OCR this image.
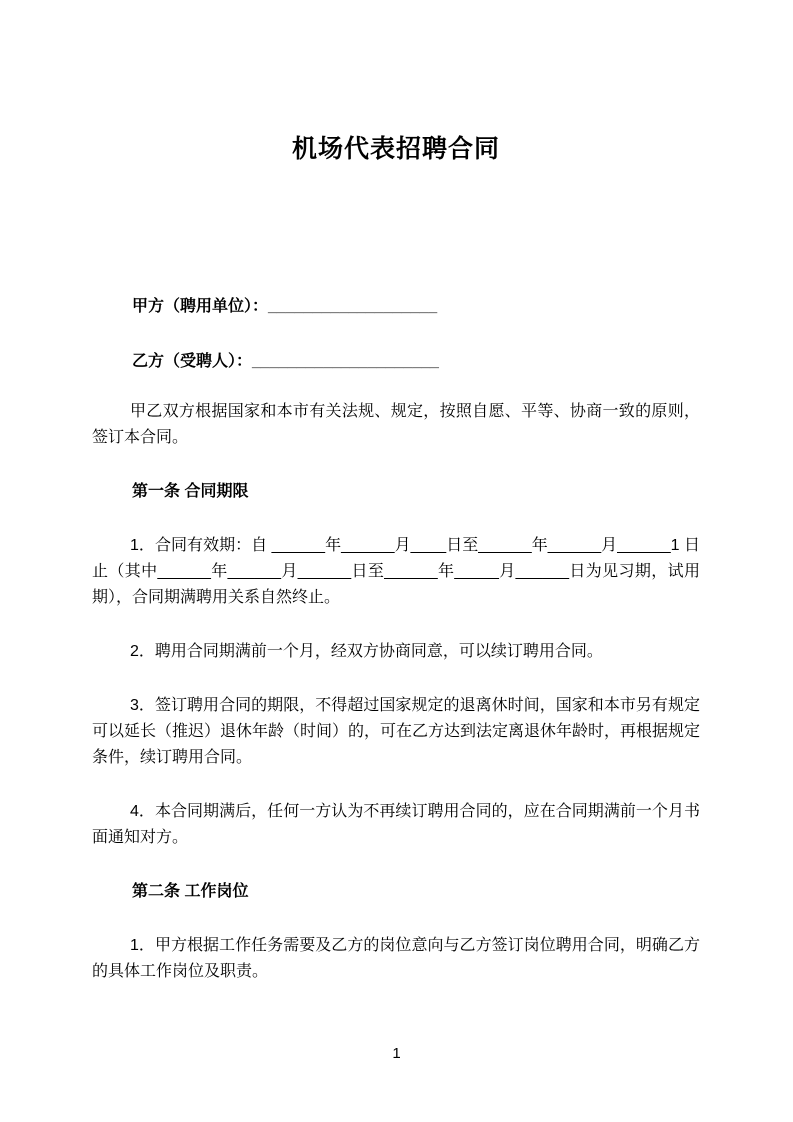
机场代表招聘合同

甲方（聘用单位）：___________________

乙方（受聘人）：_____________________

甲乙双方根据国家和本市有关法规、规定，按照自愿、平等、协商一致的原则，签订本合同。

第一条 合同期限

1．合同有效期：自 ______年______月____日至______年______月______1 日止（其中______年______月______日至______年_____月______日为见习期，试用期），合同期满聘用关系自然终止。

2．聘用合同期满前一个月，经双方协商同意，可以续订聘用合同。

3．签订聘用合同的期限，不得超过国家规定的退离休时间，国家和本市另有规定可以延长（推迟）退休年龄（时间）的，可在乙方达到法定离退休年龄时，再根据规定条件，续订聘用合同。

4．本合同期满后，任何一方认为不再续订聘用合同的，应在合同期满前一个月书面通知对方。

第二条 工作岗位

1．甲方根据工作任务需要及乙方的岗位意向与乙方签订岗位聘用合同，明确乙方的具体工作岗位及职责。

1
